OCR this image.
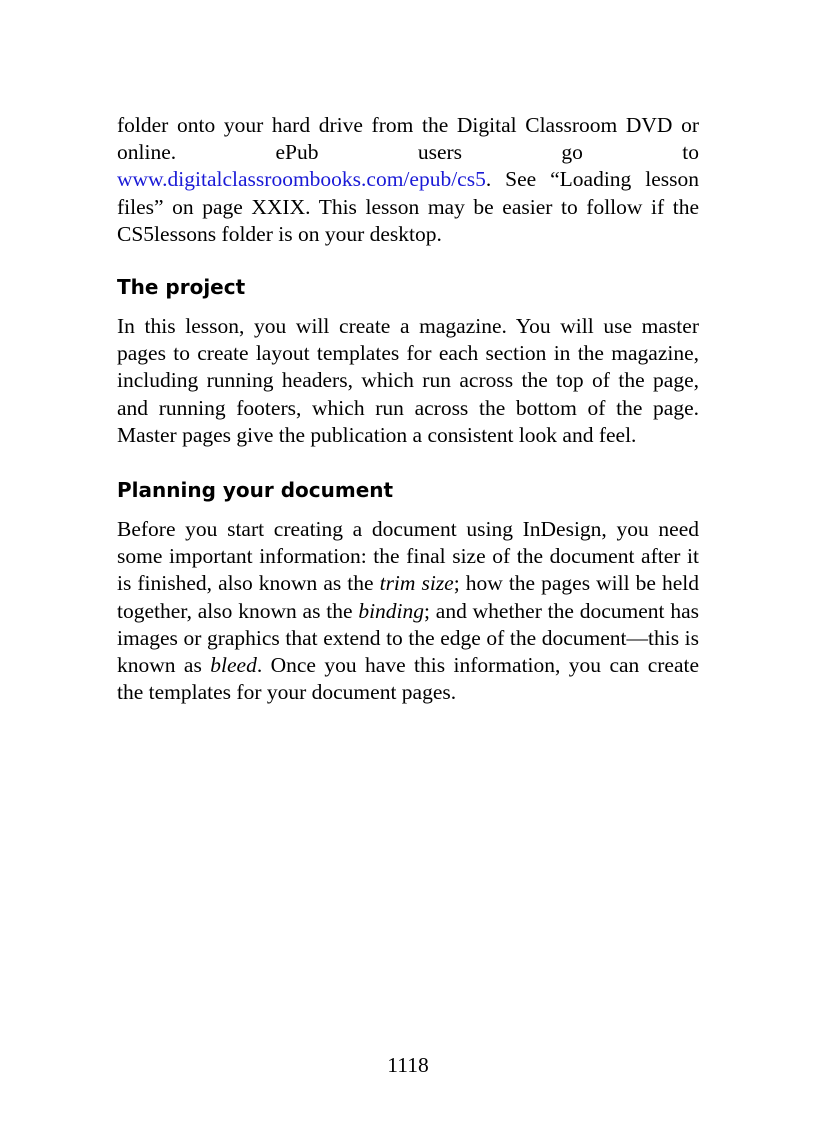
folder onto your hard drive from the Digital Classroom DVD or online. ePub users go to www.digitalclassroombooks.com/epub/cs5. See “Loading lesson files” on page XXIX. This lesson may be easier to follow if the CS5lessons folder is on your desktop.

The project

In this lesson, you will create a magazine. You will use master pages to create layout templates for each section in the magazine, including running headers, which run across the top of the page, and running footers, which run across the bottom of the page. Master pages give the publication a consistent look and feel.

Planning your document

Before you start creating a document using InDesign, you need some important information: the final size of the document after it is finished, also known as the trim size; how the pages will be held together, also known as the binding; and whether the document has images or graphics that extend to the edge of the document—this is known as bleed. Once you have this information, you can create the templates for your document pages.

1118
